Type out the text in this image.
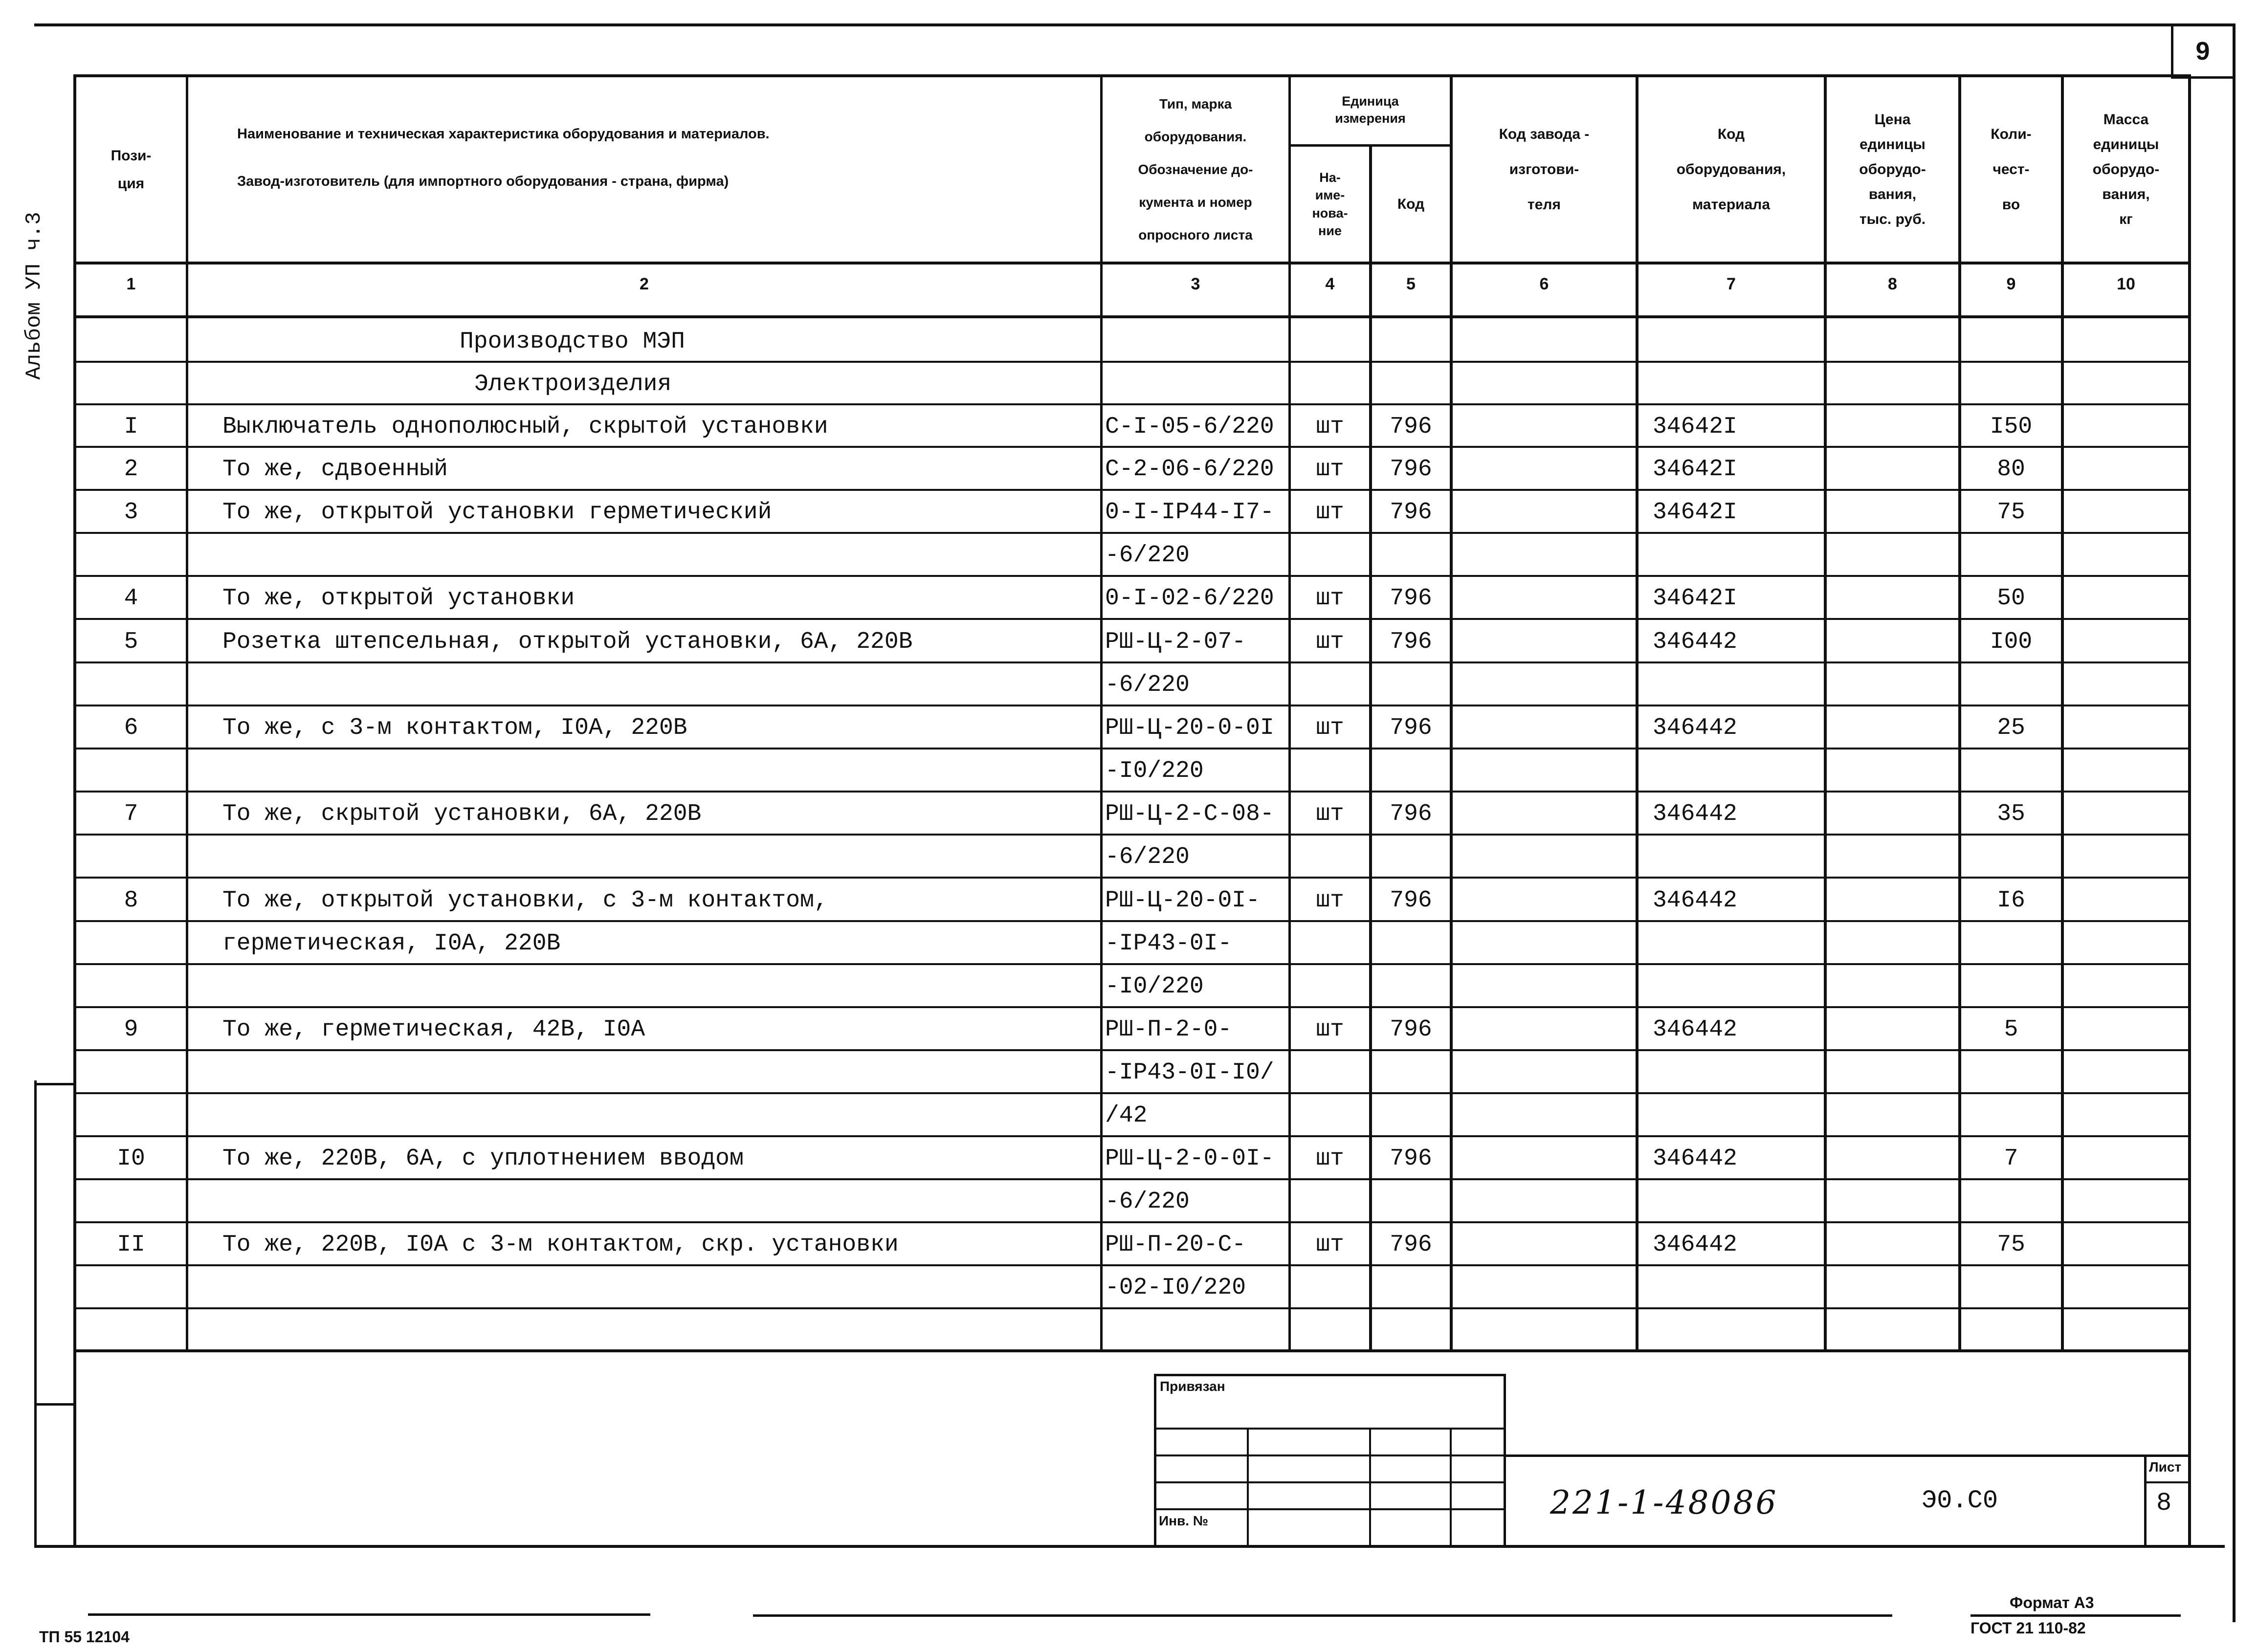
9
Альбом УП ч.3
Пози-
ция
Наименование и техническая характеристика оборудования и материалов.
Завод-изготовитель (для импортного оборудования - страна, фирма)
Тип, марка
оборудования.
Обозначение до-
кумента и номер
опросного листа
Единица
измерения
На-
име-
нова-
ние
Код
Код завода -
изготови-
теля
Код
оборудования,
материала
Цена
единицы
оборудо-
вания,
тыс. руб.
Коли-
чест-
во
Масса
единицы
оборудо-
вания,
кг
1	2	3	4	5	6	7	8	9	10
Производство МЭП
Электроизделия
I	Выключатель однополюсный, скрытой установки	С-I-05-6/220	шт	796	34642I	I50
2	То же, сдвоенный	С-2-06-6/220	шт	796	34642I	80
3	То же, открытой установки герметический	0-I-IP44-I7-	шт	796	34642I	75
-6/220
4	То же, открытой установки	0-I-02-6/220	шт	796	34642I	50
5	Розетка штепсельная, открытой установки, 6А, 220В	РШ-Ц-2-07-	шт	796	346442	I00
-6/220
6	То же, с 3-м контактом, I0А, 220В	РШ-Ц-20-0-0I	шт	796	346442	25
-I0/220
7	То же, скрытой установки, 6А, 220В	РШ-Ц-2-С-08-	шт	796	346442	35
-6/220
8	То же, открытой установки, с 3-м контактом,	РШ-Ц-20-0I-	шт	796	346442	I6
герметическая, I0А, 220В	-IP43-0I-
-I0/220
9	То же, герметическая, 42В, I0А	РШ-П-2-0-	шт	796	346442	5
-IP43-0I-I0/
/42
I0	То же, 220В, 6А, с уплотнением вводом	РШ-Ц-2-0-0I-	шт	796	346442	7
-6/220
II	То же, 220В, I0А с 3-м контактом, скр. установки	РШ-П-20-С-	шт	796	346442	75
-02-I0/220
Привязан
Инв. №	221-1-48086	Э0.С0
Лист
8
Формат А3
ГОСТ 21 110-82
ТП 55 12104
